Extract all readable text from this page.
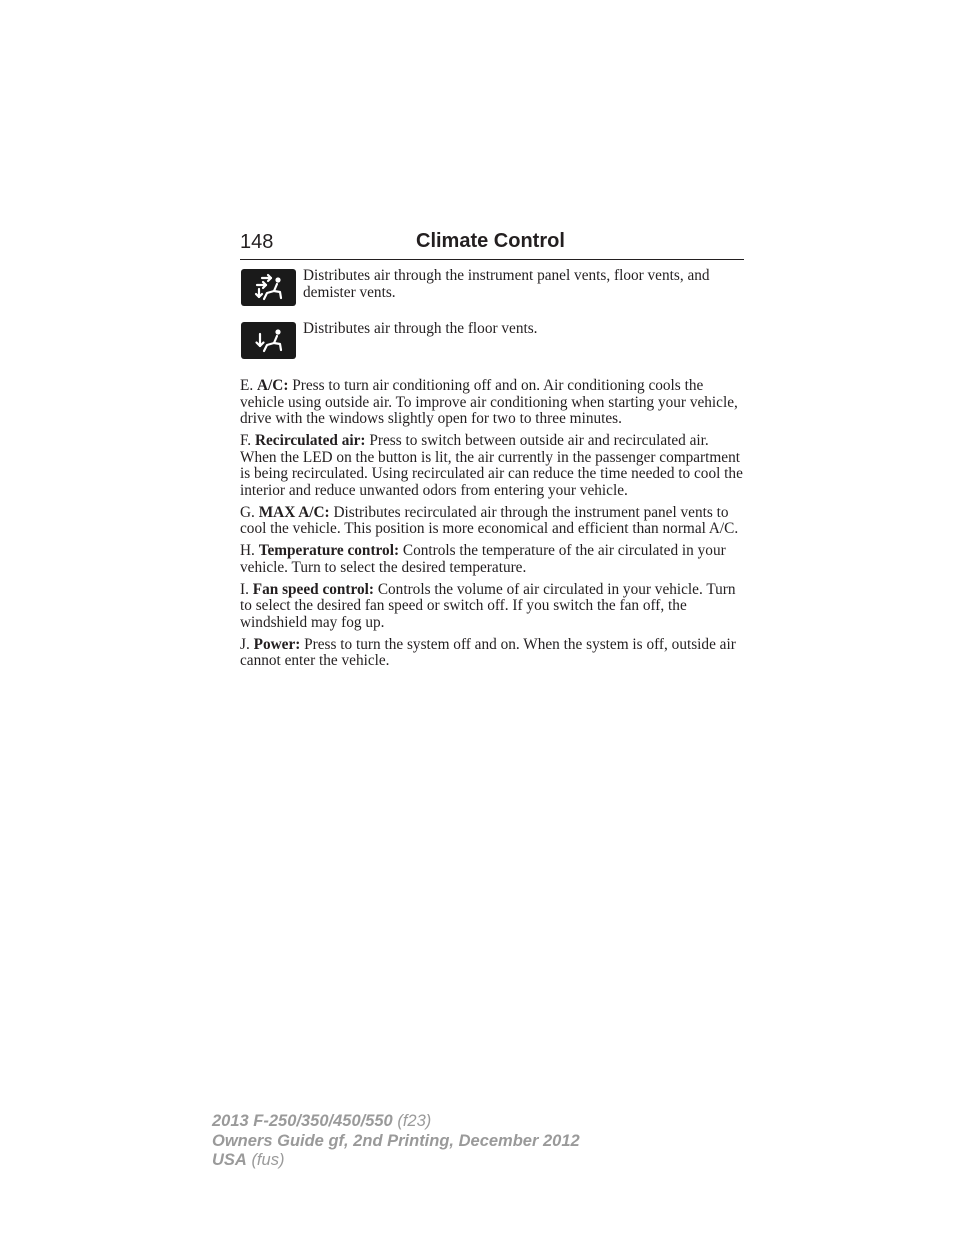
148	Climate Control
Distributes air through the instrument panel vents, floor vents, and demister vents.
Distributes air through the floor vents.

E. A/C: Press to turn air conditioning off and on. Air conditioning cools the vehicle using outside air. To improve air conditioning when starting your vehicle, drive with the windows slightly open for two to three minutes.

F. Recirculated air: Press to switch between outside air and recirculated air. When the LED on the button is lit, the air currently in the passenger compartment is being recirculated. Using recirculated air can reduce the time needed to cool the interior and reduce unwanted odors from entering your vehicle.

G. MAX A/C: Distributes recirculated air through the instrument panel vents to cool the vehicle. This position is more economical and efficient than normal A/C.

H. Temperature control: Controls the temperature of the air circulated in your vehicle. Turn to select the desired temperature.

I. Fan speed control: Controls the volume of air circulated in your vehicle. Turn to select the desired fan speed or switch off. If you switch the fan off, the windshield may fog up.

J. Power: Press to turn the system off and on. When the system is off, outside air cannot enter the vehicle.

2013 F-250/350/450/550 (f23)
Owners Guide gf, 2nd Printing, December 2012
USA (fus)
